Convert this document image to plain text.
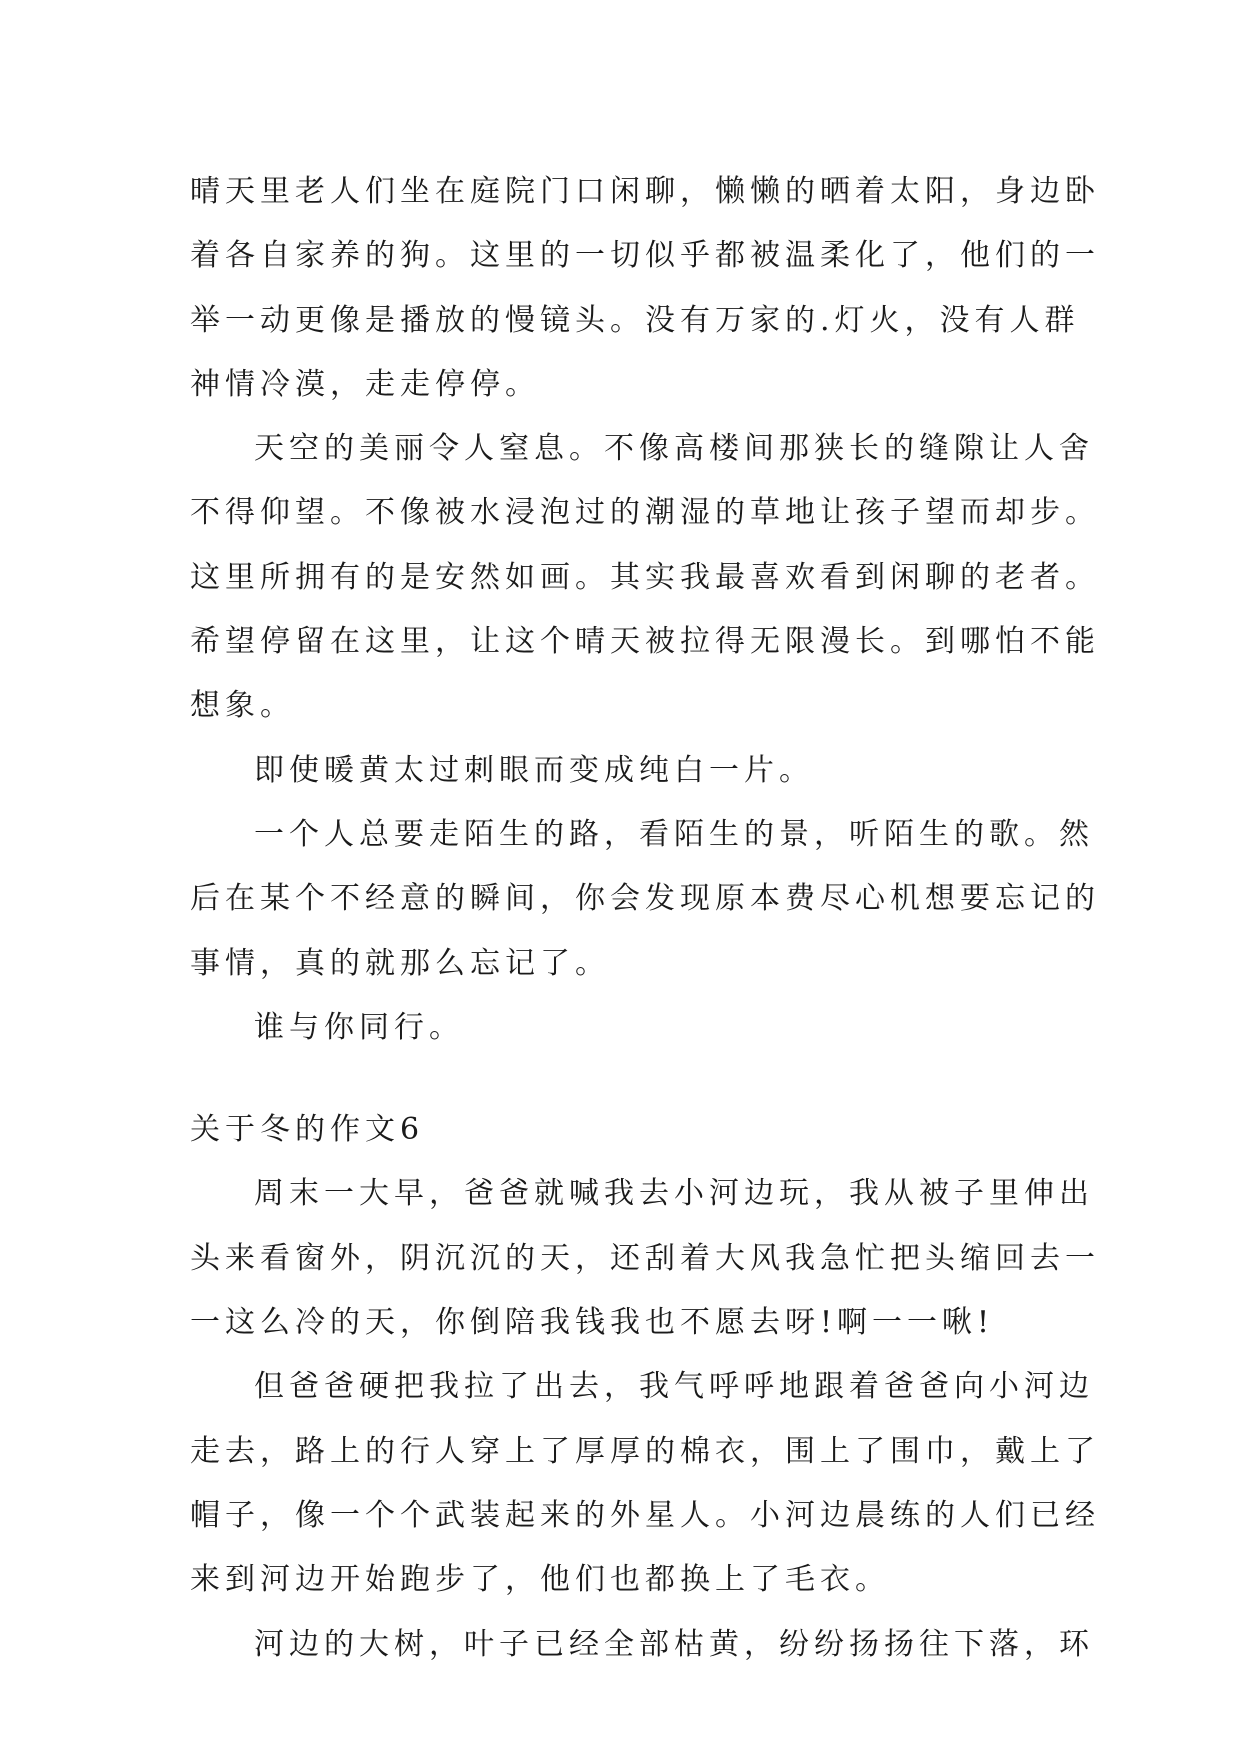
晴天里老人们坐在庭院门口闲聊，懒懒的晒着太阳，身边卧
着各自家养的狗。这里的一切似乎都被温柔化了，他们的一
举一动更像是播放的慢镜头。没有万家的.灯火，没有人群
神情冷漠，走走停停。
天空的美丽令人窒息。不像高楼间那狭长的缝隙让人舍
不得仰望。不像被水浸泡过的潮湿的草地让孩子望而却步。
这里所拥有的是安然如画。其实我最喜欢看到闲聊的老者。
希望停留在这里，让这个晴天被拉得无限漫长。到哪怕不能
想象。
即使暖黄太过刺眼而变成纯白一片。
一个人总要走陌生的路，看陌生的景，听陌生的歌。然
后在某个不经意的瞬间，你会发现原本费尽心机想要忘记的
事情，真的就那么忘记了。
谁与你同行。
关于冬的作文6
周末一大早，爸爸就喊我去小河边玩，我从被子里伸出
头来看窗外，阴沉沉的天，还刮着大风我急忙把头缩回去一
一这么冷的天，你倒陪我钱我也不愿去呀!啊一一啾!
但爸爸硬把我拉了出去，我气呼呼地跟着爸爸向小河边
走去，路上的行人穿上了厚厚的棉衣，围上了围巾，戴上了
帽子，像一个个武装起来的外星人。小河边晨练的人们已经
来到河边开始跑步了，他们也都换上了毛衣。
河边的大树，叶子已经全部枯黄，纷纷扬扬往下落，环
